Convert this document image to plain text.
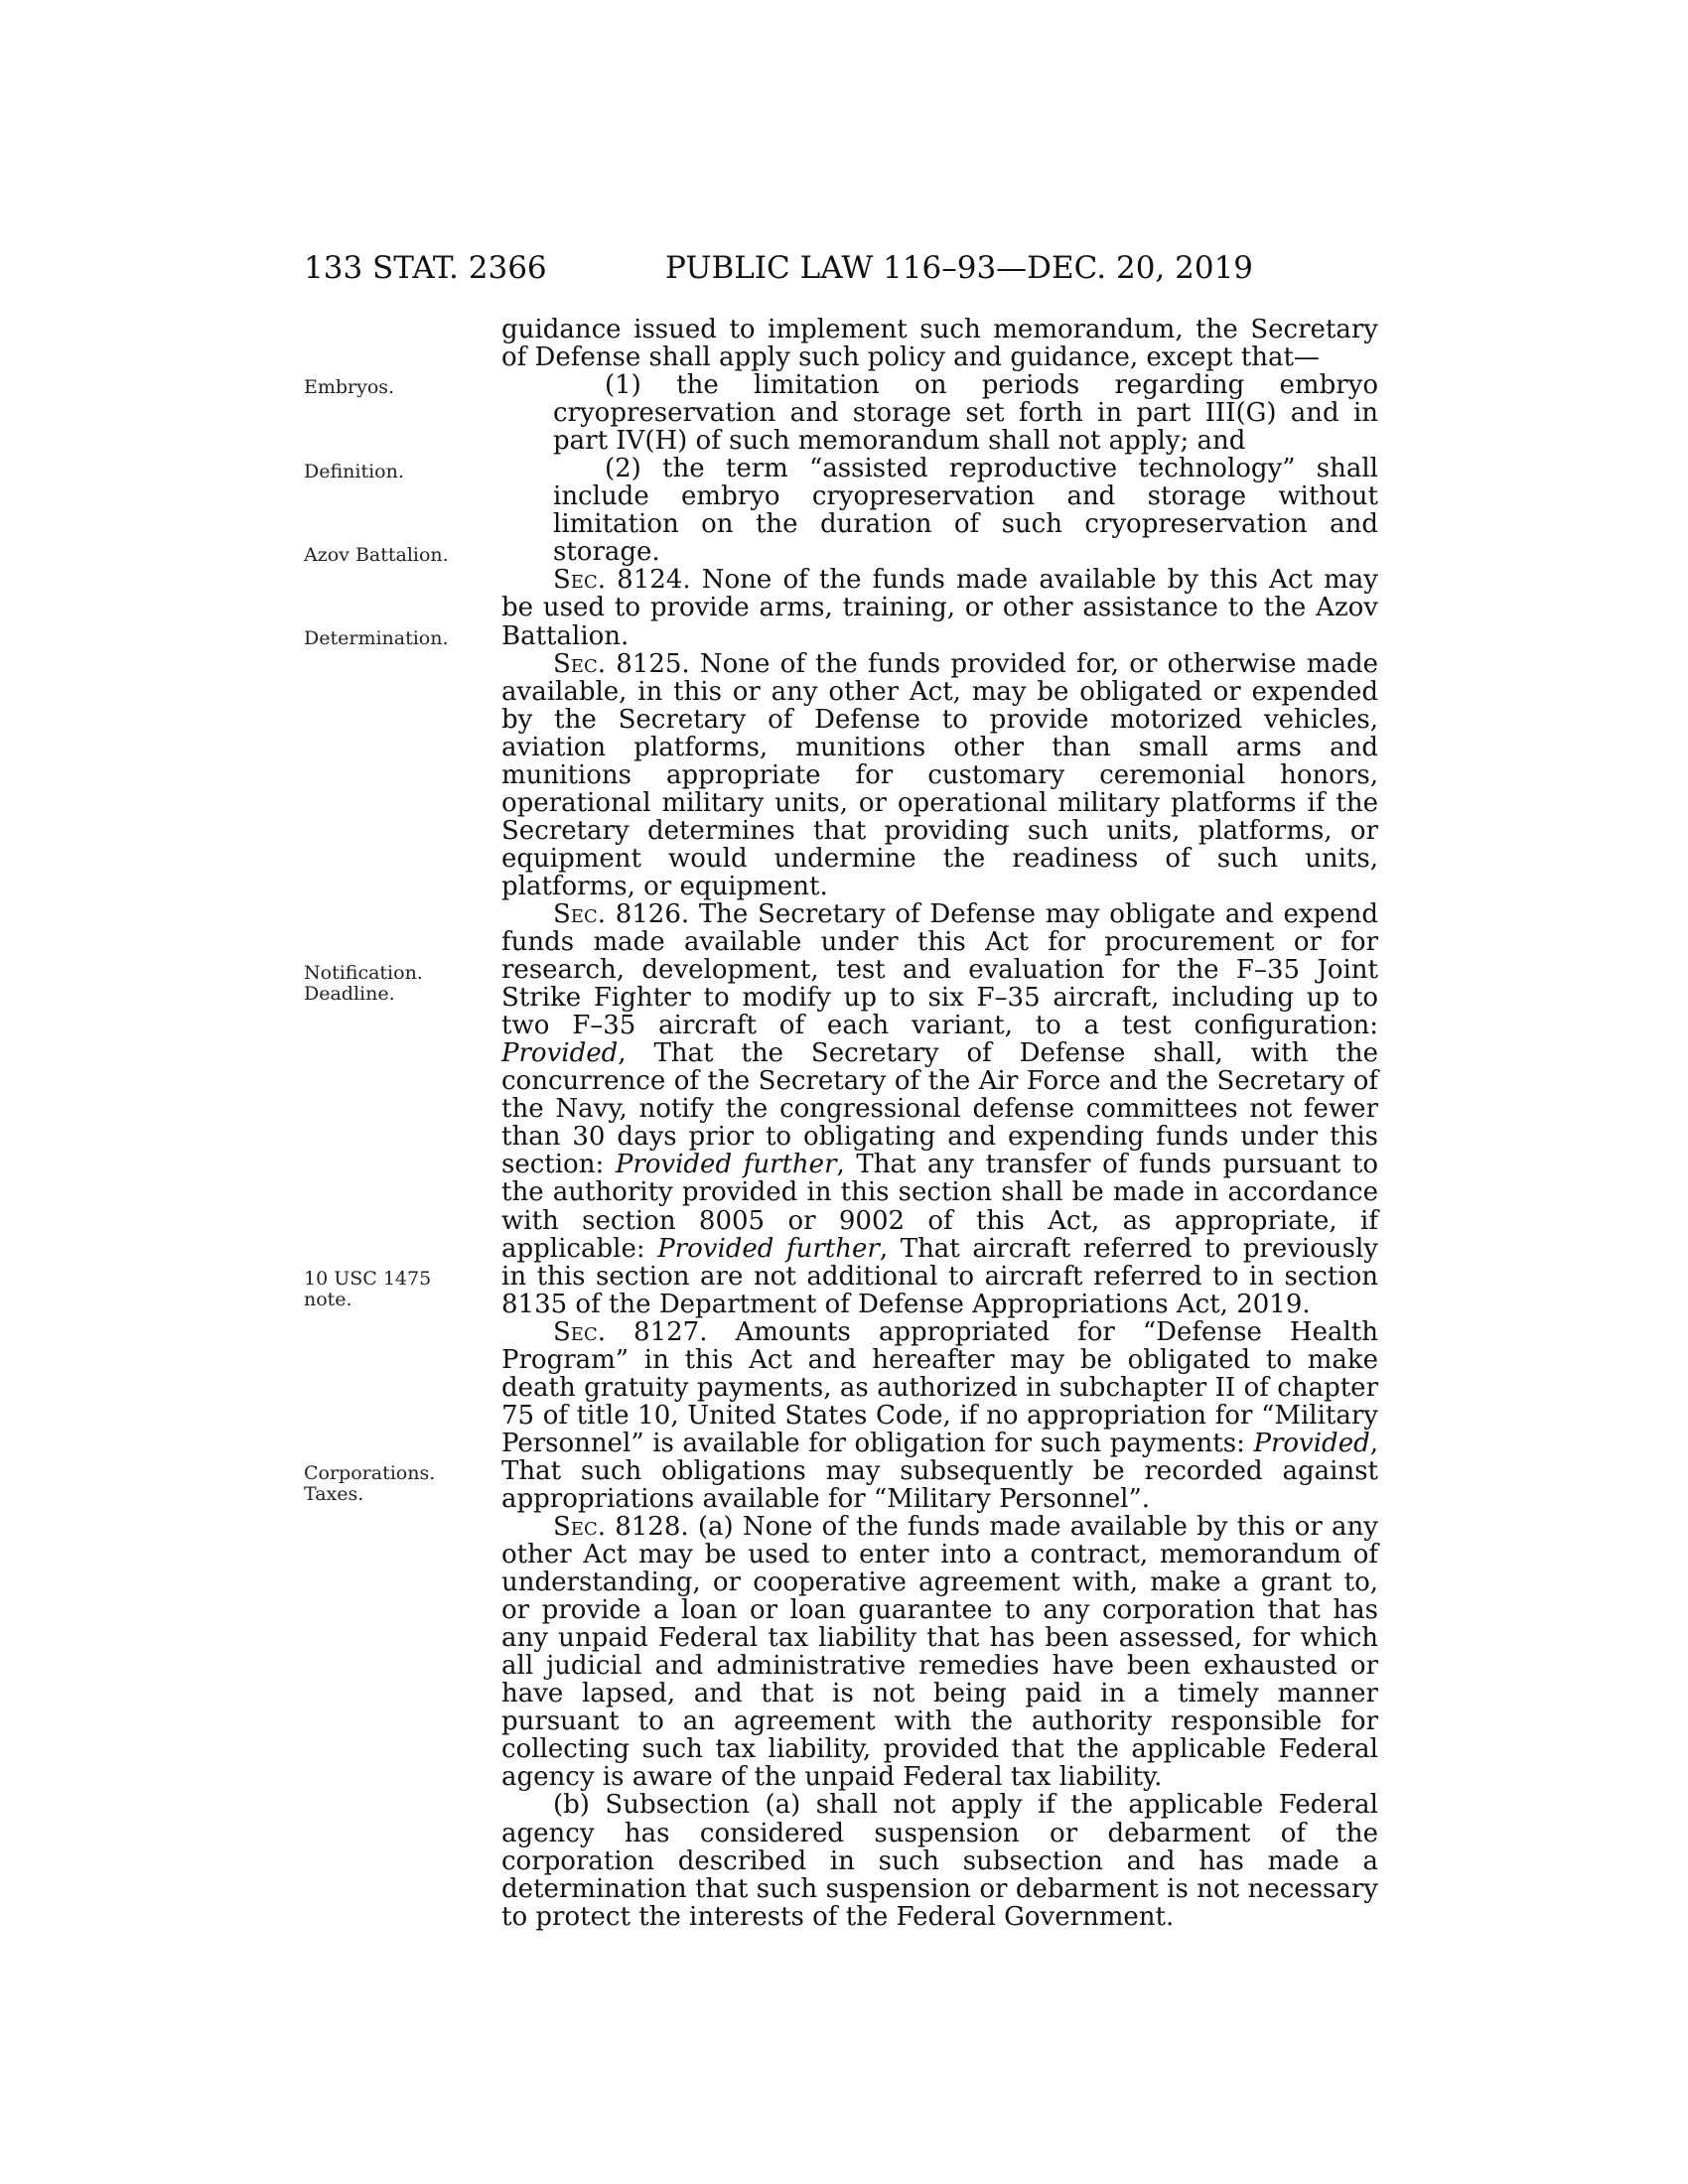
133 STAT. 2366	PUBLIC LAW 116–93—DEC. 20, 2019
Embryos.
Definition.
Azov Battalion.
Determination.
Notification.
Deadline.
10 USC 1475
note.
Corporations.
Taxes.

guidance issued to implement such memorandum, the Secretary of Defense shall apply such policy and guidance, except that—

(1) the limitation on periods regarding embryo cryopreservation and storage set forth in part III(G) and in part IV(H) of such memorandum shall not apply; and

(2) the term “assisted reproductive technology” shall include embryo cryopreservation and storage without limitation on the duration of such cryopreservation and storage.

Sec. 8124. None of the funds made available by this Act may be used to provide arms, training, or other assistance to the Azov Battalion.

Sec. 8125. None of the funds provided for, or otherwise made available, in this or any other Act, may be obligated or expended by the Secretary of Defense to provide motorized vehicles, aviation platforms, munitions other than small arms and munitions appropriate for customary ceremonial honors, operational military units, or operational military platforms if the Secretary determines that providing such units, platforms, or equipment would undermine the readiness of such units, platforms, or equipment.

Sec. 8126. The Secretary of Defense may obligate and expend funds made available under this Act for procurement or for research, development, test and evaluation for the F–35 Joint Strike Fighter to modify up to six F–35 aircraft, including up to two F–35 aircraft of each variant, to a test configuration: Provided, That the Secretary of Defense shall, with the concurrence of the Secretary of the Air Force and the Secretary of the Navy, notify the congressional defense committees not fewer than 30 days prior to obligating and expending funds under this section: Provided further, That any transfer of funds pursuant to the authority provided in this section shall be made in accordance with section 8005 or 9002 of this Act, as appropriate, if applicable: Provided further, That aircraft referred to previously in this section are not additional to aircraft referred to in section 8135 of the Department of Defense Appropriations Act, 2019.

Sec. 8127. Amounts appropriated for “Defense Health Program” in this Act and hereafter may be obligated to make death gratuity payments, as authorized in subchapter II of chapter 75 of title 10, United States Code, if no appropriation for “Military Personnel” is available for obligation for such payments: Provided, That such obligations may subsequently be recorded against appropriations available for “Military Personnel”.

Sec. 8128. (a) None of the funds made available by this or any other Act may be used to enter into a contract, memorandum of understanding, or cooperative agreement with, make a grant to, or provide a loan or loan guarantee to any corporation that has any unpaid Federal tax liability that has been assessed, for which all judicial and administrative remedies have been exhausted or have lapsed, and that is not being paid in a timely manner pursuant to an agreement with the authority responsible for collecting such tax liability, provided that the applicable Federal agency is aware of the unpaid Federal tax liability.

(b) Subsection (a) shall not apply if the applicable Federal agency has considered suspension or debarment of the corporation described in such subsection and has made a determination that such suspension or debarment is not necessary to protect the interests of the Federal Government.
